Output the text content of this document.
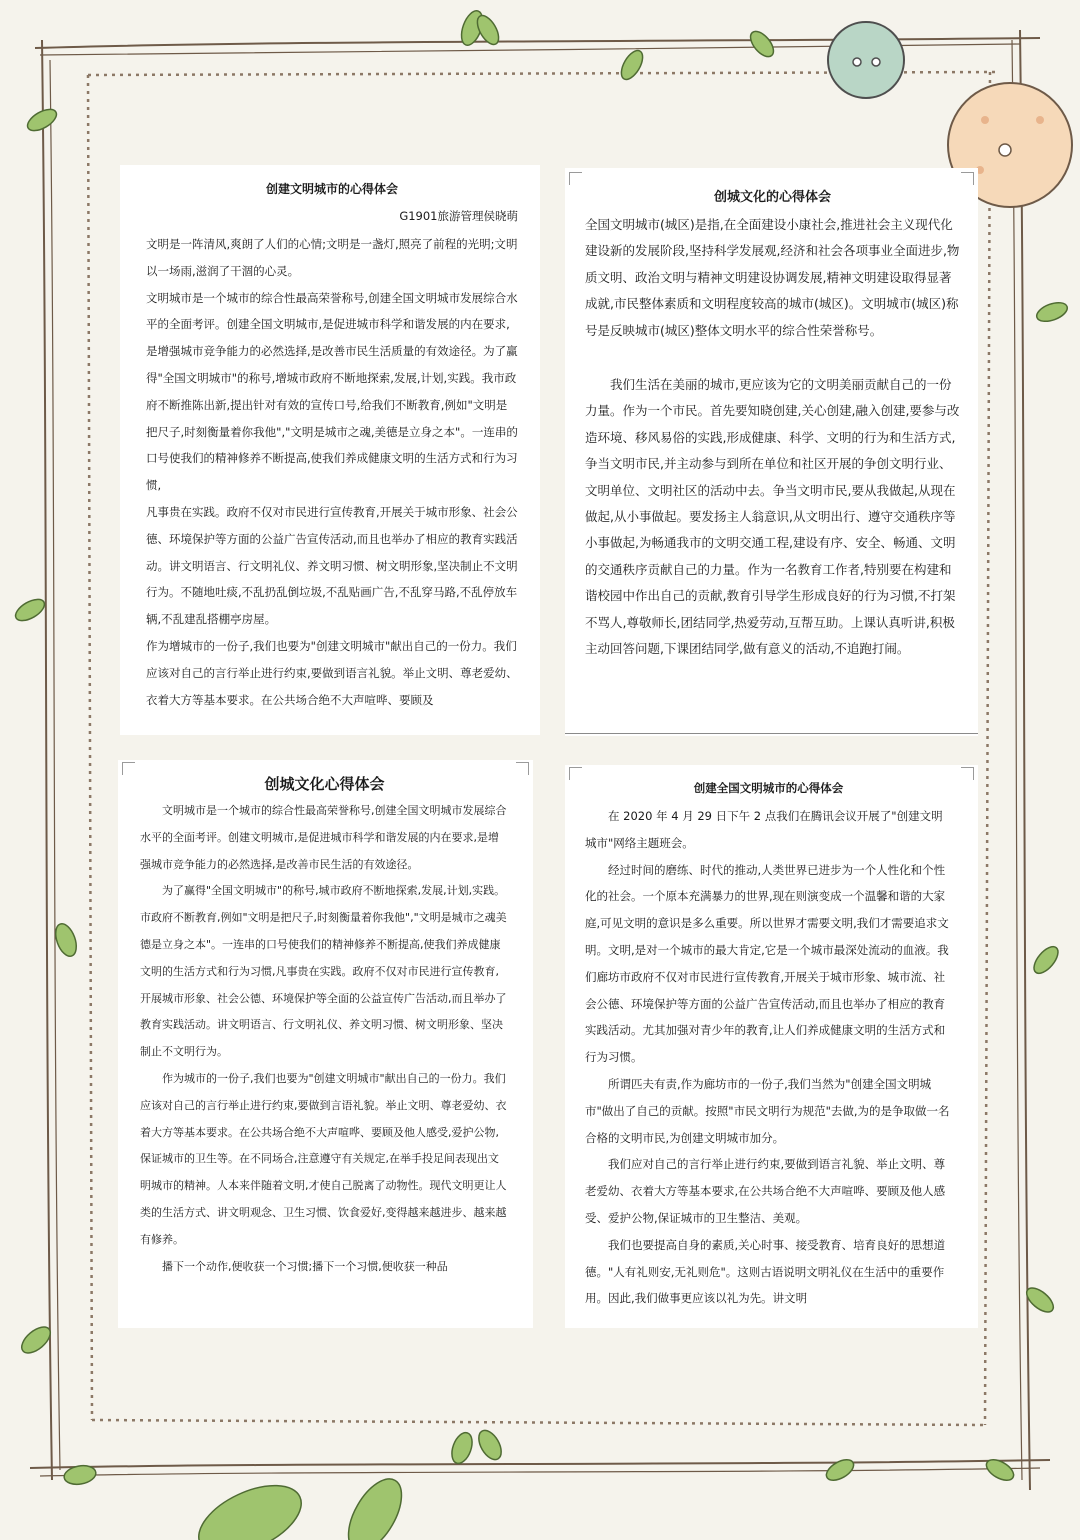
创建文明城市的心得体会
G1901旅游管理侯晓萌

文明是一阵清风,爽朗了人们的心情;文明是一盏灯,照亮了前程的光明;文明以一场雨,滋润了干涸的心灵。

文明城市是一个城市的综合性最高荣誉称号,创建全国文明城市发展综合水平的全面考评。创建全国文明城市,是促进城市科学和谐发展的内在要求,是增强城市竞争能力的必然选择,是改善市民生活质量的有效途径。为了赢得"全国文明城市"的称号,增城市政府不断地探索,发展,计划,实践。我市政府不断推陈出新,提出针对有效的宣传口号,给我们不断教育,例如"文明是把尺子,时刻衡量着你我他","文明是城市之魂,美德是立身之本"。一连串的口号使我们的精神修养不断提高,使我们养成健康文明的生活方式和行为习惯,

凡事贵在实践。政府不仅对市民进行宣传教育,开展关于城市形象、社会公德、环境保护等方面的公益广告宣传活动,而且也举办了相应的教育实践活动。讲文明语言、行文明礼仪、养文明习惯、树文明形象,坚决制止不文明行为。不随地吐痰,不乱扔乱倒垃圾,不乱贴画广告,不乱穿马路,不乱停放车辆,不乱建乱搭棚亭房屋。

作为增城市的一份子,我们也要为"创建文明城市"献出自己的一份力。我们应该对自己的言行举止进行约束,要做到语言礼貌。举止文明、尊老爱幼、衣着大方等基本要求。在公共场合绝不大声喧哗、要顾及

创城文化的心得体会

全国文明城市(城区)是指,在全面建设小康社会,推进社会主义现代化建设新的发展阶段,坚持科学发展观,经济和社会各项事业全面进步,物质文明、政治文明与精神文明建设协调发展,精神文明建设取得显著成就,市民整体素质和文明程度较高的城市(城区)。文明城市(城区)称号是反映城市(城区)整体文明水平的综合性荣誉称号。

我们生活在美丽的城市,更应该为它的文明美丽贡献自己的一份力量。作为一个市民。首先要知晓创建,关心创建,融入创建,要参与改造环境、移风易俗的实践,形成健康、科学、文明的行为和生活方式,争当文明市民,并主动参与到所在单位和社区开展的争创文明行业、文明单位、文明社区的活动中去。争当文明市民,要从我做起,从现在做起,从小事做起。要发扬主人翁意识,从文明出行、遵守交通秩序等小事做起,为畅通我市的文明交通工程,建设有序、安全、畅通、文明的交通秩序贡献自己的力量。作为一名教育工作者,特别要在构建和谐校园中作出自己的贡献,教育引导学生形成良好的行为习惯,不打架不骂人,尊敬师长,团结同学,热爱劳动,互帮互助。上课认真听讲,积极主动回答问题,下课团结同学,做有意义的活动,不追跑打闹。

创城文化心得体会

文明城市是一个城市的综合性最高荣誉称号,创建全国文明城市发展综合水平的全面考评。创建文明城市,是促进城市科学和谐发展的内在要求,是增强城市竞争能力的必然选择,是改善市民生活的有效途径。

为了赢得"全国文明城市"的称号,城市政府不断地探索,发展,计划,实践。市政府不断教育,例如"文明是把尺子,时刻衡量着你我他","文明是城市之魂美德是立身之本"。一连串的口号使我们的精神修养不断提高,使我们养成健康文明的生活方式和行为习惯,凡事贵在实践。政府不仅对市民进行宣传教育,开展城市形象、社会公德、环境保护等全面的公益宣传广告活动,而且举办了教育实践活动。讲文明语言、行文明礼仪、养文明习惯、树文明形象、坚决制止不文明行为。

作为城市的一份子,我们也要为"创建文明城市"献出自己的一份力。我们应该对自己的言行举止进行约束,要做到言语礼貌。举止文明、尊老爱幼、衣着大方等基本要求。在公共场合绝不大声喧哗、要顾及他人感受,爱护公物,保证城市的卫生等。在不同场合,注意遵守有关规定,在举手投足间表现出文明城市的精神。人本来伴随着文明,才使自己脱离了动物性。现代文明更让人类的生活方式、讲文明观念、卫生习惯、饮食爱好,变得越来越进步、越来越有修养。

播下一个动作,便收获一个习惯;播下一个习惯,便收获一种品

创建全国文明城市的心得体会

在 2020 年 4 月 29 日下午 2 点我们在腾讯会议开展了"创建文明城市"网络主题班会。

经过时间的磨练、时代的推动,人类世界已进步为一个人性化和个性化的社会。一个原本充满暴力的世界,现在则演变成一个温馨和谐的大家庭,可见文明的意识是多么重要。所以世界才需要文明,我们才需要追求文明。文明,是对一个城市的最大肯定,它是一个城市最深处流动的血液。我们廊坊市政府不仅对市民进行宣传教育,开展关于城市形象、城市流、社会公德、环境保护等方面的公益广告宣传活动,而且也举办了相应的教育实践活动。尤其加强对青少年的教育,让人们养成健康文明的生活方式和行为习惯。

所谓匹夫有责,作为廊坊市的一份子,我们当然为"创建全国文明城市"做出了自己的贡献。按照"市民文明行为规范"去做,为的是争取做一名合格的文明市民,为创建文明城市加分。

我们应对自己的言行举止进行约束,要做到语言礼貌、举止文明、尊老爱幼、衣着大方等基本要求,在公共场合绝不大声喧哗、要顾及他人感受、爱护公物,保证城市的卫生整洁、美观。

我们也要提高自身的素质,关心时事、接受教育、培育良好的思想道德。"人有礼则安,无礼则危"。这则古语说明文明礼仪在生活中的重要作用。因此,我们做事更应该以礼为先。讲文明
